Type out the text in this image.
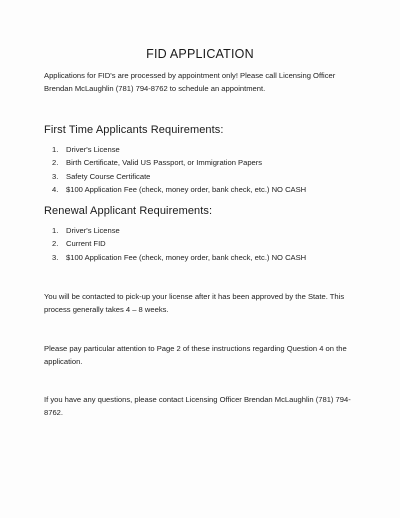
FID APPLICATION
Applications for FID's are processed by appointment only! Please call Licensing Officer Brendan McLaughlin (781) 794-8762 to schedule an appointment.
First Time Applicants Requirements:
1. Driver's License
2. Birth Certificate, Valid US Passport, or Immigration Papers
3. Safety Course Certificate
4. $100 Application Fee (check, money order, bank check, etc.) NO CASH
Renewal Applicant Requirements:
1. Driver's License
2. Current FID
3. $100 Application Fee (check, money order, bank check, etc.) NO CASH
You will be contacted to pick-up your license after it has been approved by the State. This process generally takes 4 – 8 weeks.
Please pay particular attention to Page 2 of these instructions regarding Question 4 on the application.
If you have any questions, please contact Licensing Officer Brendan McLaughlin (781) 794-8762.
